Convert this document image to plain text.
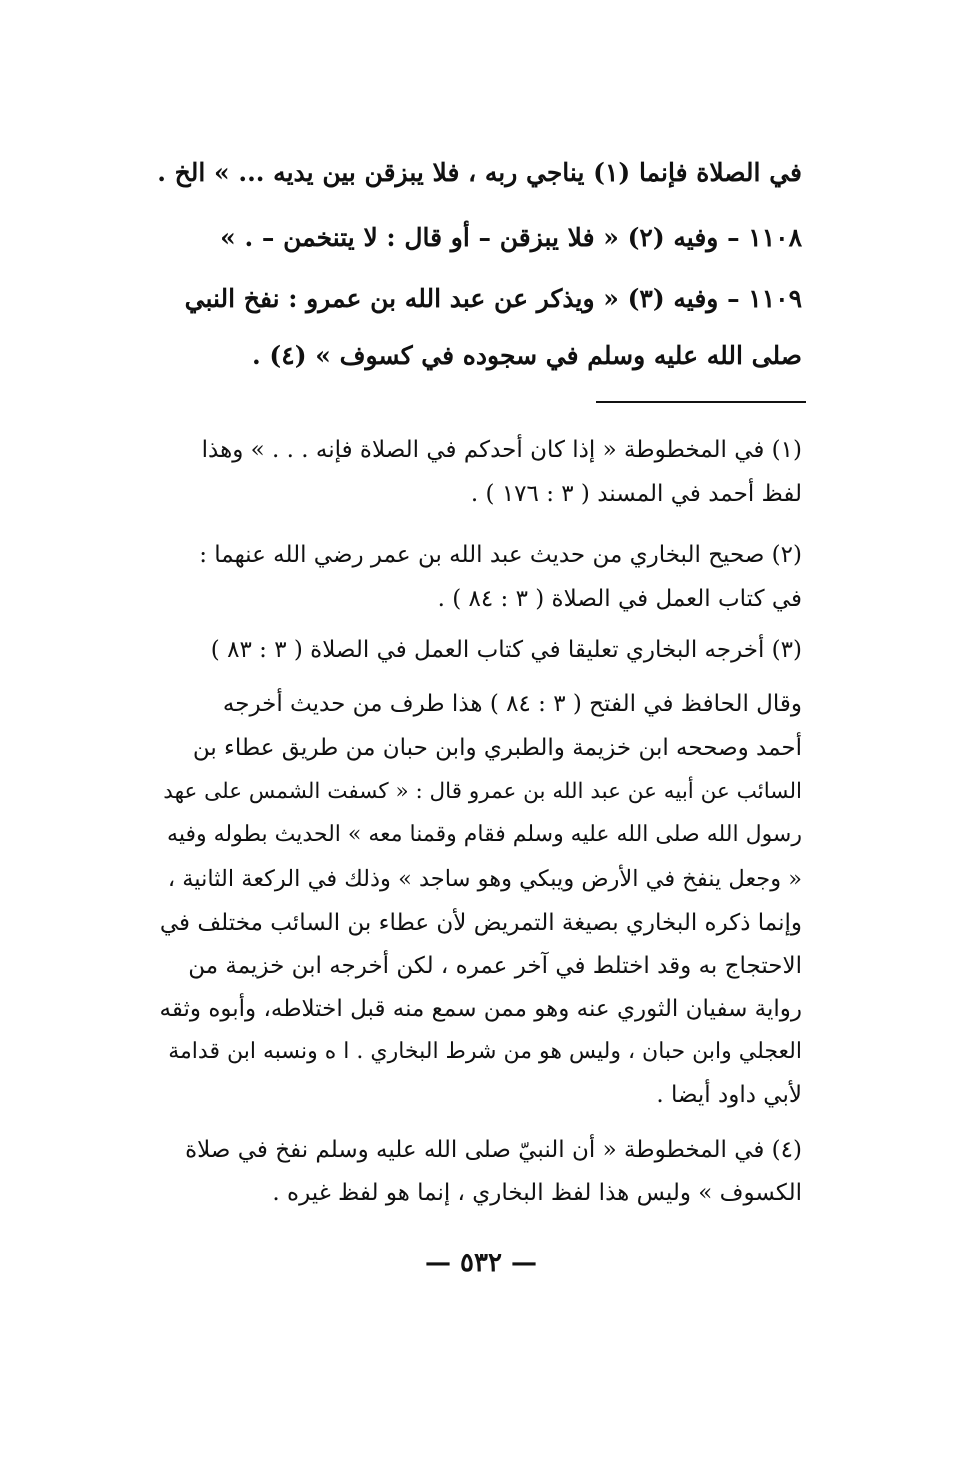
في الصلاة فإنما (١) يناجي ربه ، فلا يبزقن بين يديه ... » الخ .
١١٠٨ – وفيه (٢) « فلا يبزقن – أو قال : لا يتنخمن – . »
١١٠٩ – وفيه (٣) « ويذكر عن عبد الله بن عمرو : نفخ النبي
صلى الله عليه وسلم في سجوده في كسوف » (٤) .
(١) في المخطوطة « إذا كان أحدكم في الصلاة فإنه . . . » وهذا
لفظ أحمد في المسند ( ٣ : ١٧٦ ) .
(٢) صحيح البخاري من حديث عبد الله بن عمر رضي الله عنهما :
في كتاب العمل في الصلاة ( ٣ : ٨٤ ) .
(٣) أخرجه البخاري تعليقا في كتاب العمل في الصلاة ( ٣ : ٨٣ )
وقال الحافظ في الفتح ( ٣ : ٨٤ ) هذا طرف من حديث أخرجه
أحمد وصححه ابن خزيمة والطبري وابن حبان من طريق عطاء بن
السائب عن أبيه عن عبد الله بن عمرو قال : « كسفت الشمس على عهد
رسول الله صلى الله عليه وسلم فقام وقمنا معه » الحديث بطوله وفيه
« وجعل ينفخ في الأرض ويبكي وهو ساجد » وذلك في الركعة الثانية ،
وإنما ذكره البخاري بصيغة التمريض لأن عطاء بن السائب مختلف في
الاحتجاج به وقد اختلط في آخر عمره ، لكن أخرجه ابن خزيمة من
رواية سفيان الثوري عنه وهو ممن سمع منه قبل اختلاطه، وأبوه وثقه
العجلي وابن حبان ، وليس هو من شرط البخاري . ا ه ونسبه ابن قدامة
لأبي داود أيضا .
(٤) في المخطوطة « أن النبيّ صلى الله عليه وسلم نفخ في صلاة
الكسوف » وليس هذا لفظ البخاري ، إنما هو لفظ غيره .
— ٥٣٢ —
